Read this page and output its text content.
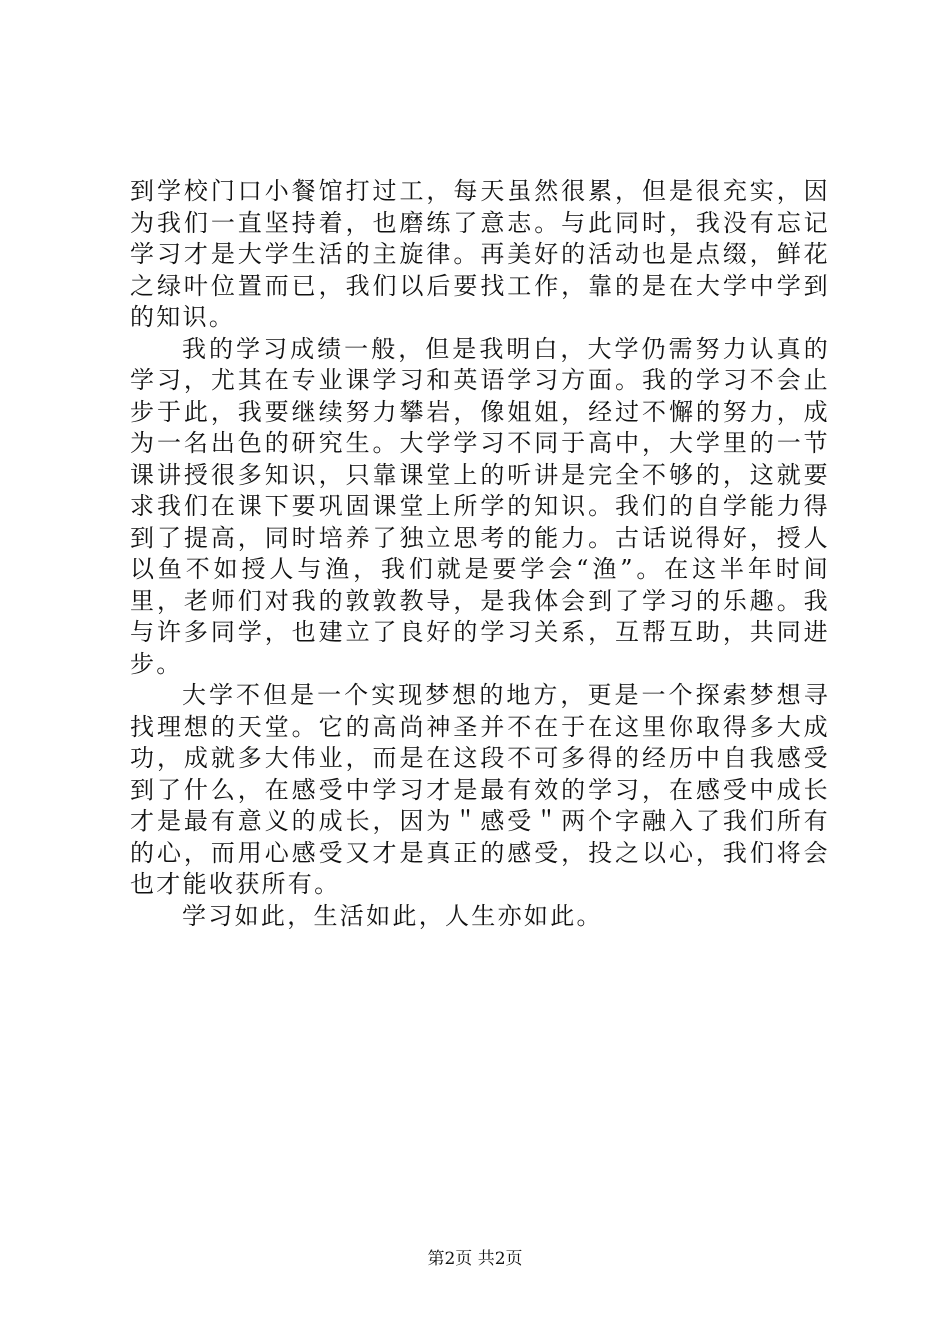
到学校门口小餐馆打过工，每天虽然很累，但是很充实，因为我们一直坚持着，也磨练了意志。与此同时，我没有忘记学习才是大学生活的主旋律。再美好的活动也是点缀，鲜花之绿叶位置而已，我们以后要找工作，靠的是在大学中学到的知识。

我的学习成绩一般，但是我明白，大学仍需努力认真的学习，尤其在专业课学习和英语学习方面。我的学习不会止步于此，我要继续努力攀岩，像姐姐，经过不懈的努力，成为一名出色的研究生。大学学习不同于高中，大学里的一节课讲授很多知识，只靠课堂上的听讲是完全不够的，这就要求我们在课下要巩固课堂上所学的知识。我们的自学能力得到了提高，同时培养了独立思考的能力。古话说得好，授人以鱼不如授人与渔，我们就是要学会“渔”。在这半年时间里，老师们对我的敦敦教导，是我体会到了学习的乐趣。我与许多同学，也建立了良好的学习关系，互帮互助，共同进步。

大学不但是一个实现梦想的地方，更是一个探索梦想寻找理想的天堂。它的高尚神圣并不在于在这里你取得多大成功，成就多大伟业，而是在这段不可多得的经历中自我感受到了什么，在感受中学习才是最有效的学习，在感受中成长才是最有意义的成长，因为＂感受＂两个字融入了我们所有的心，而用心感受又才是真正的感受，投之以心，我们将会也才能收获所有。

学习如此，生活如此，人生亦如此。

第2页 共2页
